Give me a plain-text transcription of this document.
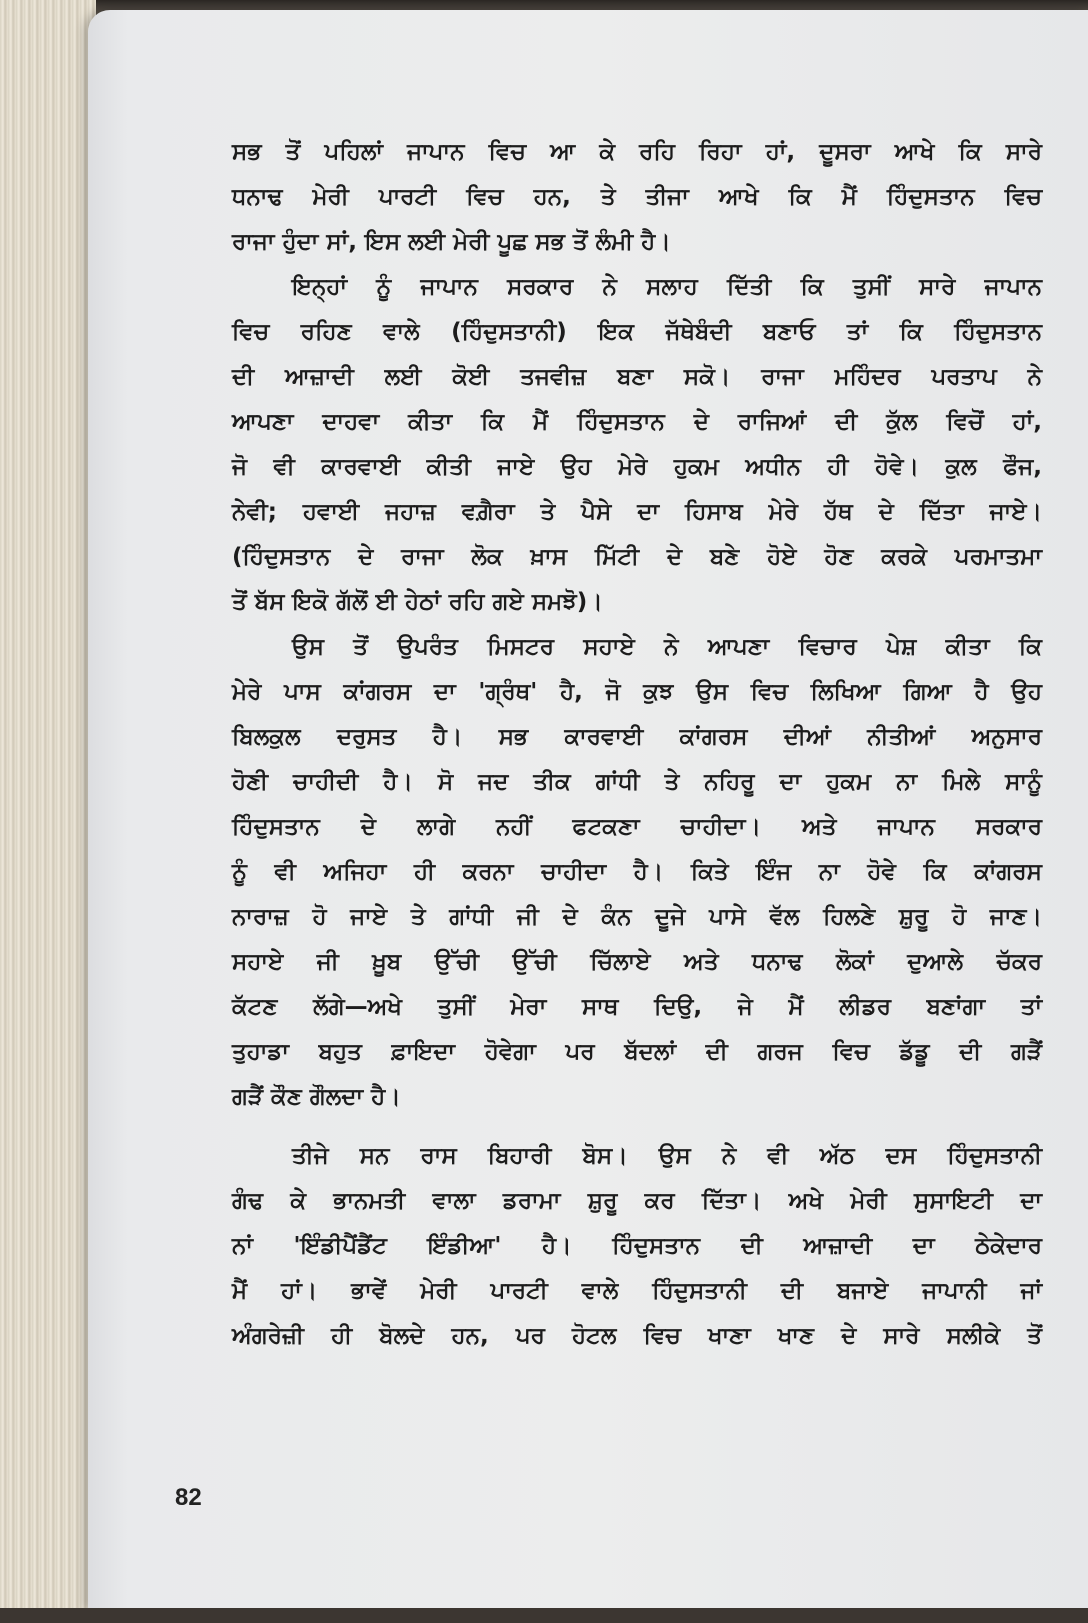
ਸਭ ਤੋਂ ਪਹਿਲਾਂ ਜਾਪਾਨ ਵਿਚ ਆ ਕੇ ਰਹਿ ਰਿਹਾ ਹਾਂ, ਦੂਸਰਾ ਆਖੇ ਕਿ ਸਾਰੇ
ਧਨਾਢ ਮੇਰੀ ਪਾਰਟੀ ਵਿਚ ਹਨ, ਤੇ ਤੀਜਾ ਆਖੇ ਕਿ ਮੈਂ ਹਿੰਦੁਸਤਾਨ ਵਿਚ
ਰਾਜਾ ਹੁੰਦਾ ਸਾਂ, ਇਸ ਲਈ ਮੇਰੀ ਪੂਛ ਸਭ ਤੋਂ ਲੰਮੀ ਹੈ।
ਇਨ੍ਹਾਂ ਨੂੰ ਜਾਪਾਨ ਸਰਕਾਰ ਨੇ ਸਲਾਹ ਦਿੱਤੀ ਕਿ ਤੁਸੀਂ ਸਾਰੇ ਜਾਪਾਨ
ਵਿਚ ਰਹਿਣ ਵਾਲੇ (ਹਿੰਦੁਸਤਾਨੀ) ਇਕ ਜੱਥੇਬੰਦੀ ਬਣਾਓ ਤਾਂ ਕਿ ਹਿੰਦੁਸਤਾਨ
ਦੀ ਆਜ਼ਾਦੀ ਲਈ ਕੋਈ ਤਜਵੀਜ਼ ਬਣਾ ਸਕੋ। ਰਾਜਾ ਮਹਿੰਦਰ ਪਰਤਾਪ ਨੇ
ਆਪਣਾ ਦਾਹਵਾ ਕੀਤਾ ਕਿ ਮੈਂ ਹਿੰਦੁਸਤਾਨ ਦੇ ਰਾਜਿਆਂ ਦੀ ਕੁੱਲ ਵਿਚੋਂ ਹਾਂ,
ਜੋ ਵੀ ਕਾਰਵਾਈ ਕੀਤੀ ਜਾਏ ਉਹ ਮੇਰੇ ਹੁਕਮ ਅਧੀਨ ਹੀ ਹੋਵੇ। ਕੁਲ ਫੌਜ,
ਨੇਵੀ; ਹਵਾਈ ਜਹਾਜ਼ ਵਗ਼ੈਰਾ ਤੇ ਪੈਸੇ ਦਾ ਹਿਸਾਬ ਮੇਰੇ ਹੱਥ ਦੇ ਦਿੱਤਾ ਜਾਏ।
(ਹਿੰਦੁਸਤਾਨ ਦੇ ਰਾਜਾ ਲੋਕ ਖ਼ਾਸ ਮਿੱਟੀ ਦੇ ਬਣੇ ਹੋਏ ਹੋਣ ਕਰਕੇ ਪਰਮਾਤਮਾ
ਤੋਂ ਬੱਸ ਇਕੋ ਗੱਲੋਂ ਈ ਹੇਠਾਂ ਰਹਿ ਗਏ ਸਮਝੋ)।
ਉਸ ਤੋਂ ਉਪਰੰਤ ਮਿਸਟਰ ਸਹਾਏ ਨੇ ਆਪਣਾ ਵਿਚਾਰ ਪੇਸ਼ ਕੀਤਾ ਕਿ
ਮੇਰੇ ਪਾਸ ਕਾਂਗਰਸ ਦਾ 'ਗ੍ਰੰਥ' ਹੈ, ਜੋ ਕੁਝ ਉਸ ਵਿਚ ਲਿਖਿਆ ਗਿਆ ਹੈ ਉਹ
ਬਿਲਕੁਲ ਦਰੁਸਤ ਹੈ। ਸਭ ਕਾਰਵਾਈ ਕਾਂਗਰਸ ਦੀਆਂ ਨੀਤੀਆਂ ਅਨੁਸਾਰ
ਹੋਣੀ ਚਾਹੀਦੀ ਹੈ। ਸੋ ਜਦ ਤੀਕ ਗਾਂਧੀ ਤੇ ਨਹਿਰੂ ਦਾ ਹੁਕਮ ਨਾ ਮਿਲੇ ਸਾਨੂੰ
ਹਿੰਦੁਸਤਾਨ ਦੇ ਲਾਗੇ ਨਹੀਂ ਫਟਕਣਾ ਚਾਹੀਦਾ। ਅਤੇ ਜਾਪਾਨ ਸਰਕਾਰ
ਨੂੰ ਵੀ ਅਜਿਹਾ ਹੀ ਕਰਨਾ ਚਾਹੀਦਾ ਹੈ। ਕਿਤੇ ਇੰਜ ਨਾ ਹੋਵੇ ਕਿ ਕਾਂਗਰਸ
ਨਾਰਾਜ਼ ਹੋ ਜਾਏ ਤੇ ਗਾਂਧੀ ਜੀ ਦੇ ਕੰਨ ਦੂਜੇ ਪਾਸੇ ਵੱਲ ਹਿਲਣੇ ਸ਼ੁਰੂ ਹੋ ਜਾਣ।
ਸਹਾਏ ਜੀ ਖ਼ੂਬ ਉੱਚੀ ਉੱਚੀ ਚਿੱਲਾਏ ਅਤੇ ਧਨਾਢ ਲੋਕਾਂ ਦੁਆਲੇ ਚੱਕਰ
ਕੱਟਣ ਲੱਗੇ—ਅਖੇ ਤੁਸੀਂ ਮੇਰਾ ਸਾਥ ਦਿਉ, ਜੇ ਮੈਂ ਲੀਡਰ ਬਣਾਂਗਾ ਤਾਂ
ਤੁਹਾਡਾ ਬਹੁਤ ਫ਼ਾਇਦਾ ਹੋਵੇਗਾ ਪਰ ਬੱਦਲਾਂ ਦੀ ਗਰਜ ਵਿਚ ਡੱਡੂ ਦੀ ਗੜੈਂ
ਗੜੈਂ ਕੌਣ ਗੌਲਦਾ ਹੈ।
ਤੀਜੇ ਸਨ ਰਾਸ ਬਿਹਾਰੀ ਬੋਸ। ਉਸ ਨੇ ਵੀ ਅੱਠ ਦਸ ਹਿੰਦੁਸਤਾਨੀ
ਗੰਢ ਕੇ ਭਾਨਮਤੀ ਵਾਲਾ ਡਰਾਮਾ ਸ਼ੁਰੂ ਕਰ ਦਿੱਤਾ। ਅਖੇ ਮੇਰੀ ਸੁਸਾਇਟੀ ਦਾ
ਨਾਂ 'ਇੰਡੀਪੈਂਡੈਂਟ ਇੰਡੀਆ' ਹੈ। ਹਿੰਦੁਸਤਾਨ ਦੀ ਆਜ਼ਾਦੀ ਦਾ ਠੇਕੇਦਾਰ
ਮੈਂ ਹਾਂ। ਭਾਵੇਂ ਮੇਰੀ ਪਾਰਟੀ ਵਾਲੇ ਹਿੰਦੁਸਤਾਨੀ ਦੀ ਬਜਾਏ ਜਾਪਾਨੀ ਜਾਂ
ਅੰਗਰੇਜ਼ੀ ਹੀ ਬੋਲਦੇ ਹਨ, ਪਰ ਹੋਟਲ ਵਿਚ ਖਾਣਾ ਖਾਣ ਦੇ ਸਾਰੇ ਸਲੀਕੇ ਤੋਂ
82
